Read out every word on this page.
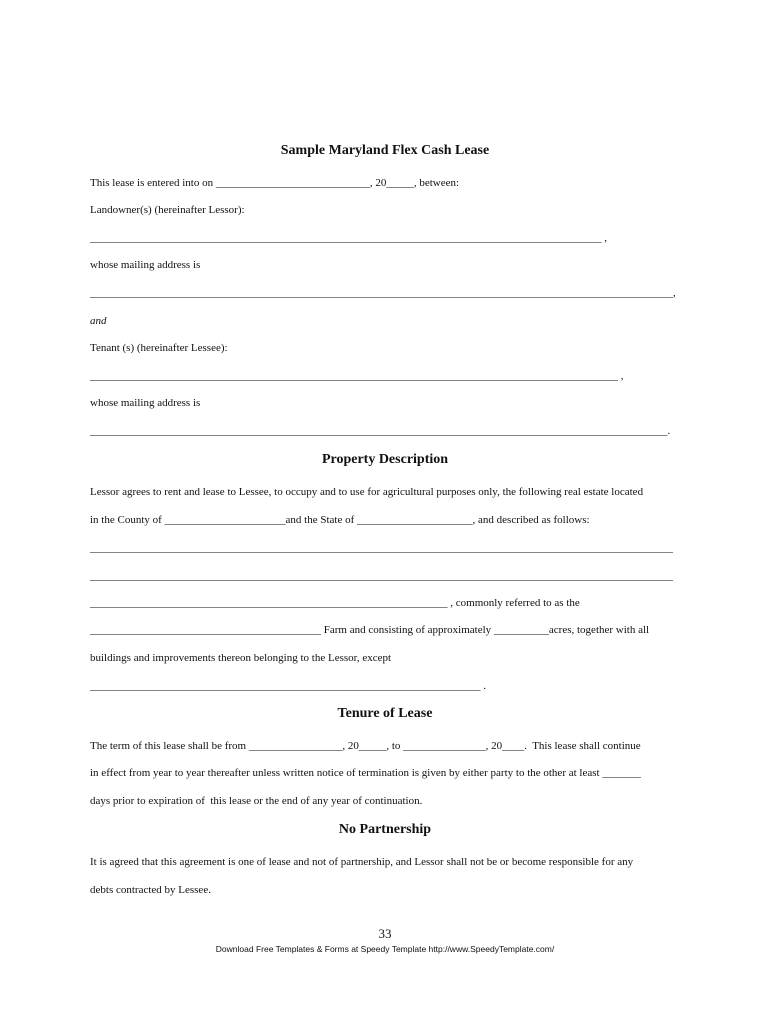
Sample Maryland Flex Cash Lease
This lease is entered into on ____________________________, 20_____, between:
Landowner(s) (hereinafter Lessor):
_____________________________________________________________________________________________ ,
whose mailing address is
__________________________________________________________________________________________________________,
and
Tenant (s) (hereinafter Lessee):
________________________________________________________________________________________________ ,
whose mailing address is
_________________________________________________________________________________________________________.
Property Description
Lessor agrees to rent and lease to Lessee, to occupy and to use for agricultural purposes only, the following real estate located
in the County of ______________________and the State of _____________________, and described as follows:
__________________________________________________________________________________________________________
__________________________________________________________________________________________________________
_________________________________________________________________ , commonly referred to as the
__________________________________________ Farm and consisting of approximately __________acres, together with all
buildings and improvements thereon belonging to the Lessor, except
_______________________________________________________________________ .
Tenure of Lease
The term of this lease shall be from _________________, 20_____, to _______________, 20____.  This lease shall continue
in effect from year to year thereafter unless written notice of termination is given by either party to the other at least _______
days prior to expiration of  this lease or the end of any year of continuation.
No Partnership
It is agreed that this agreement is one of lease and not of partnership, and Lessor shall not be or become responsible for any
debts contracted by Lessee.
33
Download Free Templates & Forms at Speedy Template http://www.SpeedyTemplate.com/
